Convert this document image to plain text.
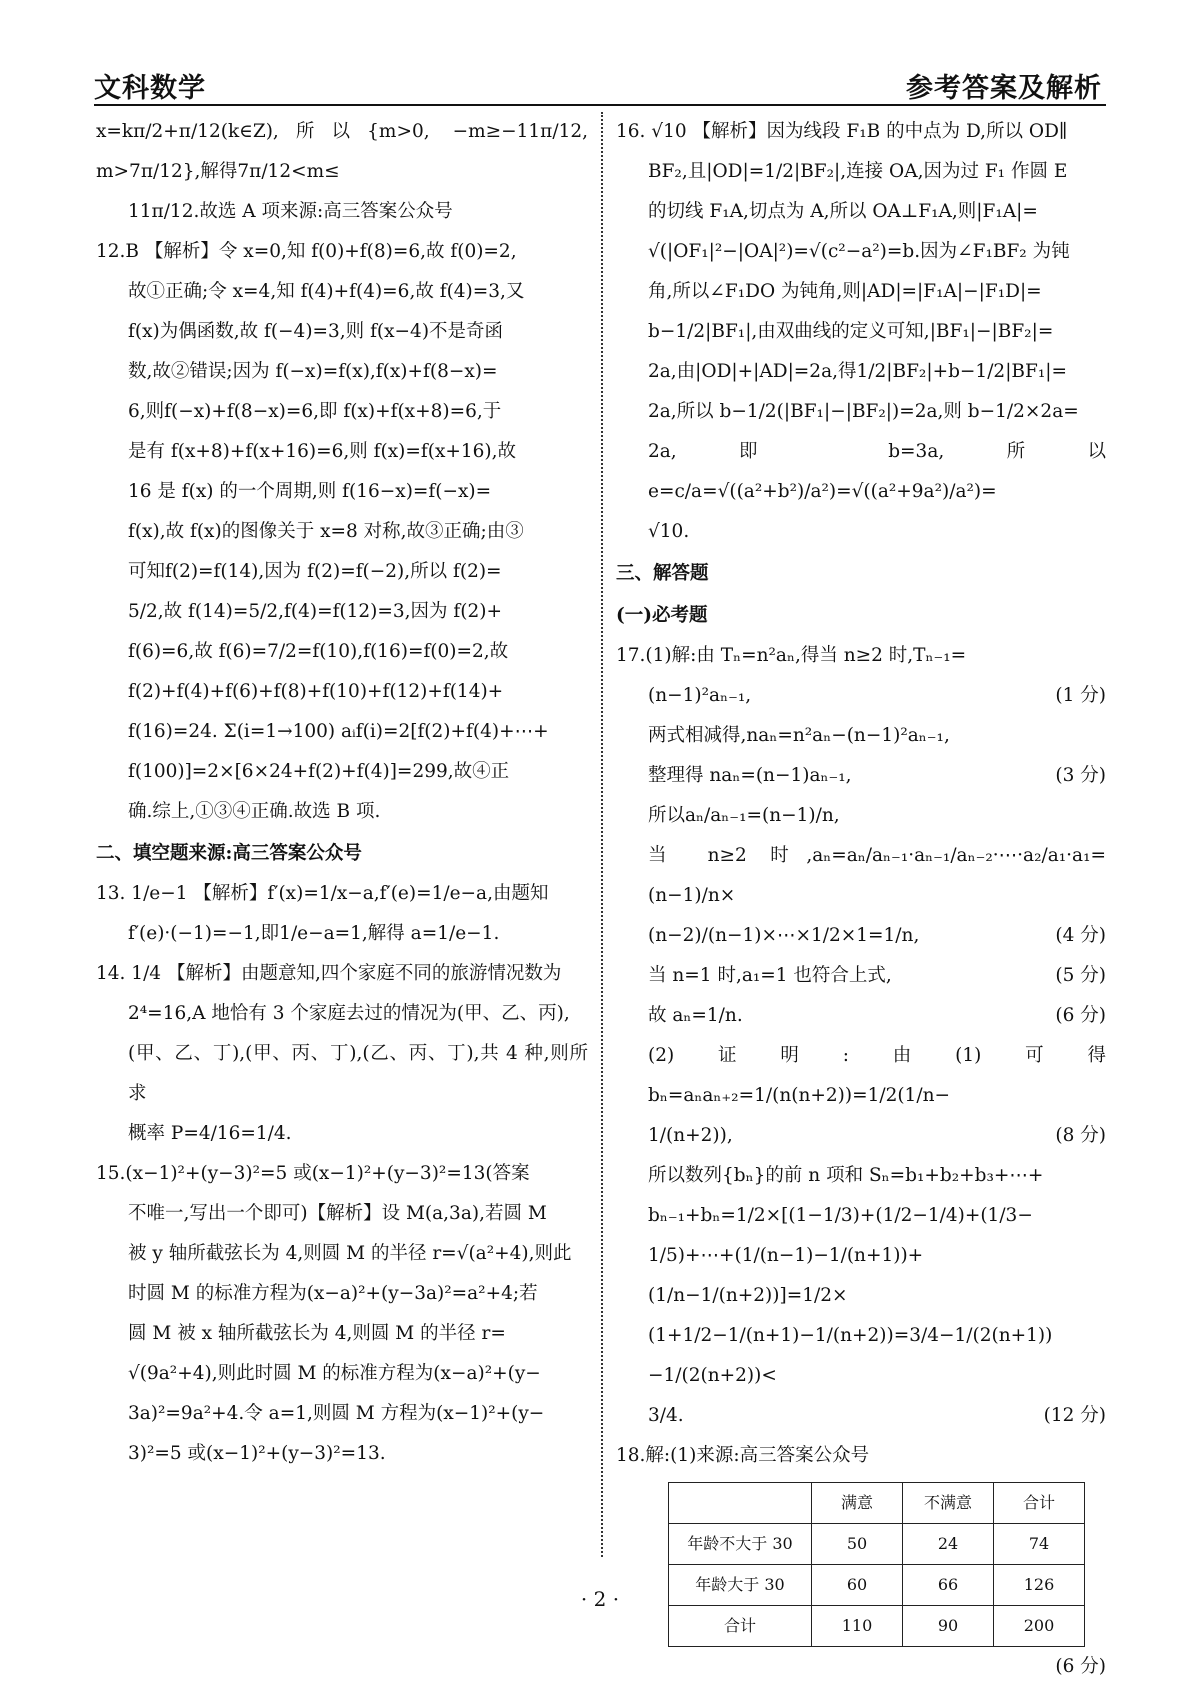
文科数学	参考答案及解析

x=kπ/2+π/12(k∈Z),所以{m>0, −m≥−11π/12, m>7π/12},解得7π/12<m≤

11π/12.故选 A 项来源:高三答案公众号

12.B 【解析】令 x=0,知 f(0)+f(8)=6,故 f(0)=2,

故①正确;令 x=4,知 f(4)+f(4)=6,故 f(4)=3,又

f(x)为偶函数,故 f(−4)=3,则 f(x−4)不是奇函

数,故②错误;因为 f(−x)=f(x),f(x)+f(8−x)=

6,则f(−x)+f(8−x)=6,即 f(x)+f(x+8)=6,于

是有 f(x+8)+f(x+16)=6,则 f(x)=f(x+16),故

16 是 f(x) 的一个周期,则 f(16−x)=f(−x)=

f(x),故 f(x)的图像关于 x=8 对称,故③正确;由③

可知f(2)=f(14),因为 f(2)=f(−2),所以 f(2)=

5/2,故 f(14)=5/2,f(4)=f(12)=3,因为 f(2)+

f(6)=6,故 f(6)=7/2=f(10),f(16)=f(0)=2,故

f(2)+f(4)+f(6)+f(8)+f(10)+f(12)+f(14)+

f(16)=24. Σ(i=1→100) aᵢf(i)=2[f(2)+f(4)+⋯+

f(100)]=2×[6×24+f(2)+f(4)]=299,故④正

确.综上,①③④正确.故选 B 项.

二、填空题来源:高三答案公众号

13. 1/e−1 【解析】f′(x)=1/x−a,f′(e)=1/e−a,由题知

f′(e)·(−1)=−1,即1/e−a=1,解得 a=1/e−1.

14. 1/4 【解析】由题意知,四个家庭不同的旅游情况数为

2⁴=16,A 地恰有 3 个家庭去过的情况为(甲、乙、丙),

(甲、乙、丁),(甲、丙、丁),(乙、丙、丁),共 4 种,则所求

概率 P=4/16=1/4.

15.(x−1)²+(y−3)²=5 或(x−1)²+(y−3)²=13(答案

不唯一,写出一个即可)【解析】设 M(a,3a),若圆 M

被 y 轴所截弦长为 4,则圆 M 的半径 r=√(a²+4),则此

时圆 M 的标准方程为(x−a)²+(y−3a)²=a²+4;若

圆 M 被 x 轴所截弦长为 4,则圆 M 的半径 r=

√(9a²+4),则此时圆 M 的标准方程为(x−a)²+(y−

3a)²=9a²+4.令 a=1,则圆 M 方程为(x−1)²+(y−

3)²=5 或(x−1)²+(y−3)²=13.

16. √10 【解析】因为线段 F₁B 的中点为 D,所以 OD∥

BF₂,且|OD|=1/2|BF₂|,连接 OA,因为过 F₁ 作圆 E

的切线 F₁A,切点为 A,所以 OA⊥F₁A,则|F₁A|=

√(|OF₁|²−|OA|²)=√(c²−a²)=b.因为∠F₁BF₂ 为钝

角,所以∠F₁DO 为钝角,则|AD|=|F₁A|−|F₁D|=

b−1/2|BF₁|,由双曲线的定义可知,|BF₁|−|BF₂|=

2a,由|OD|+|AD|=2a,得1/2|BF₂|+b−1/2|BF₁|=

2a,所以 b−1/2(|BF₁|−|BF₂|)=2a,则 b−1/2×2a=

2a,即 b=3a,所以 e=c/a=√((a²+b²)/a²)=√((a²+9a²)/a²)=

√10.

三、解答题

(一)必考题

17.(1)解:由 Tₙ=n²aₙ,得当 n≥2 时,Tₙ₋₁=

(1 分)
(n−1)²aₙ₋₁,

两式相减得,naₙ=n²aₙ−(n−1)²aₙ₋₁,

(3 分)
整理得 naₙ=(n−1)aₙ₋₁,

所以aₙ/aₙ₋₁=(n−1)/n,

当 n≥2 时,aₙ=aₙ/aₙ₋₁·aₙ₋₁/aₙ₋₂·⋯·a₂/a₁·a₁=(n−1)/n×

(4 分)
(n−2)/(n−1)×⋯×1/2×1=1/n,

(5 分)
当 n=1 时,a₁=1 也符合上式,

(6 分)
故 aₙ=1/n.

(2)证明:由(1)可得 bₙ=aₙaₙ₊₂=1/(n(n+2))=1/2(1/n−

(8 分)
1/(n+2)),

所以数列{bₙ}的前 n 项和 Sₙ=b₁+b₂+b₃+⋯+

bₙ₋₁+bₙ=1/2×[(1−1/3)+(1/2−1/4)+(1/3−

1/5)+⋯+(1/(n−1)−1/(n+1))+(1/n−1/(n+2))]=1/2×

(1+1/2−1/(n+1)−1/(n+2))=3/4−1/(2(n+1))−1/(2(n+2))<

(12 分)
3/4.

18.解:(1)来源:高三答案公众号

	满意	不满意	合计
年龄不大于 30	50	24	74
年龄大于 30	60	66	126
合计	110	90	200

(6 分)

· 2 ·
